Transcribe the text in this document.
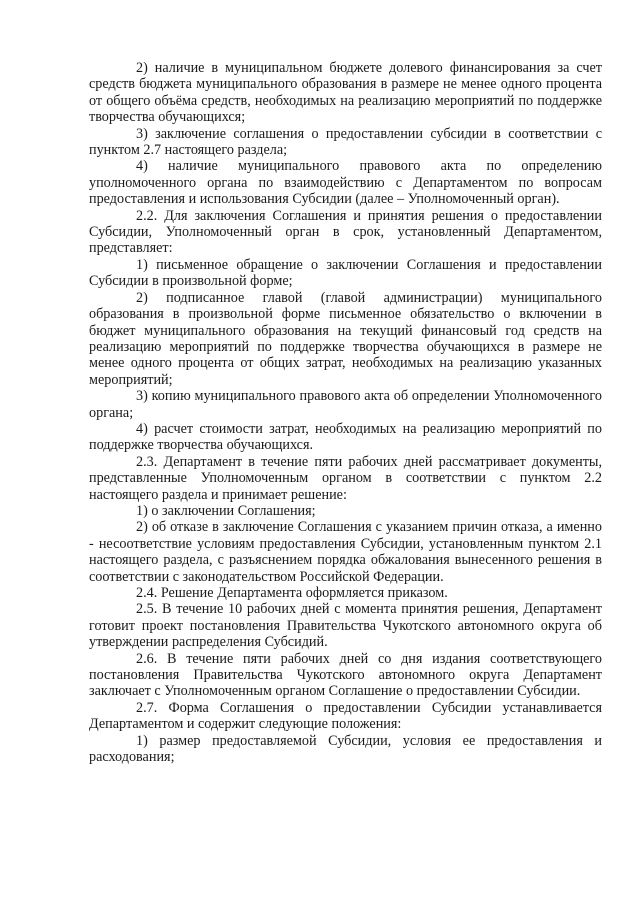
2) наличие в муниципальном бюджете долевого финансирования за счет средств бюджета муниципального образования в размере не менее одного процента от общего объёма средств, необходимых на реализацию мероприятий по поддержке творчества обучающихся;

3) заключение соглашения о предоставлении субсидии в соответствии с пунктом 2.7 настоящего раздела;

4) наличие муниципального правового акта по определению уполномоченного органа по взаимодействию с Департаментом по вопросам предоставления и использования Субсидии (далее – Уполномоченный орган).

2.2. Для заключения Соглашения и принятия решения о предоставлении Субсидии, Уполномоченный орган в срок, установленный Департаментом, представляет:

1) письменное обращение о заключении Соглашения и предоставлении Субсидии в произвольной форме;

2) подписанное главой (главой администрации) муниципального образования в произвольной форме письменное обязательство о включении в бюджет муниципального образования на текущий финансовый год средств на реализацию мероприятий по поддержке творчества обучающихся в размере не менее одного процента от общих затрат, необходимых на реализацию указанных мероприятий;

3) копию муниципального правового акта об определении Уполномоченного органа;

4) расчет стоимости затрат, необходимых на реализацию мероприятий по поддержке творчества обучающихся.

2.3. Департамент в течение пяти рабочих дней рассматривает документы, представленные Уполномоченным органом в соответствии с пунктом 2.2 настоящего раздела и принимает решение:

1) о заключении Соглашения;

2) об отказе в заключение Соглашения с указанием причин отказа, а именно - несоответствие условиям предоставления Субсидии, установленным пунктом 2.1 настоящего раздела, с разъяснением порядка обжалования вынесенного решения в соответствии с законодательством Российской Федерации.

2.4. Решение Департамента оформляется приказом.

2.5. В течение 10 рабочих дней с момента принятия решения, Департамент готовит проект постановления Правительства Чукотского автономного округа об утверждении распределения Субсидий.

2.6. В течение пяти рабочих дней со дня издания соответствующего постановления Правительства Чукотского автономного округа Департамент заключает с Уполномоченным органом Соглашение о предоставлении Субсидии.

2.7. Форма Соглашения о предоставлении Субсидии устанавливается Департаментом и содержит следующие положения:

1) размер предоставляемой Субсидии, условия ее предоставления и расходования;
